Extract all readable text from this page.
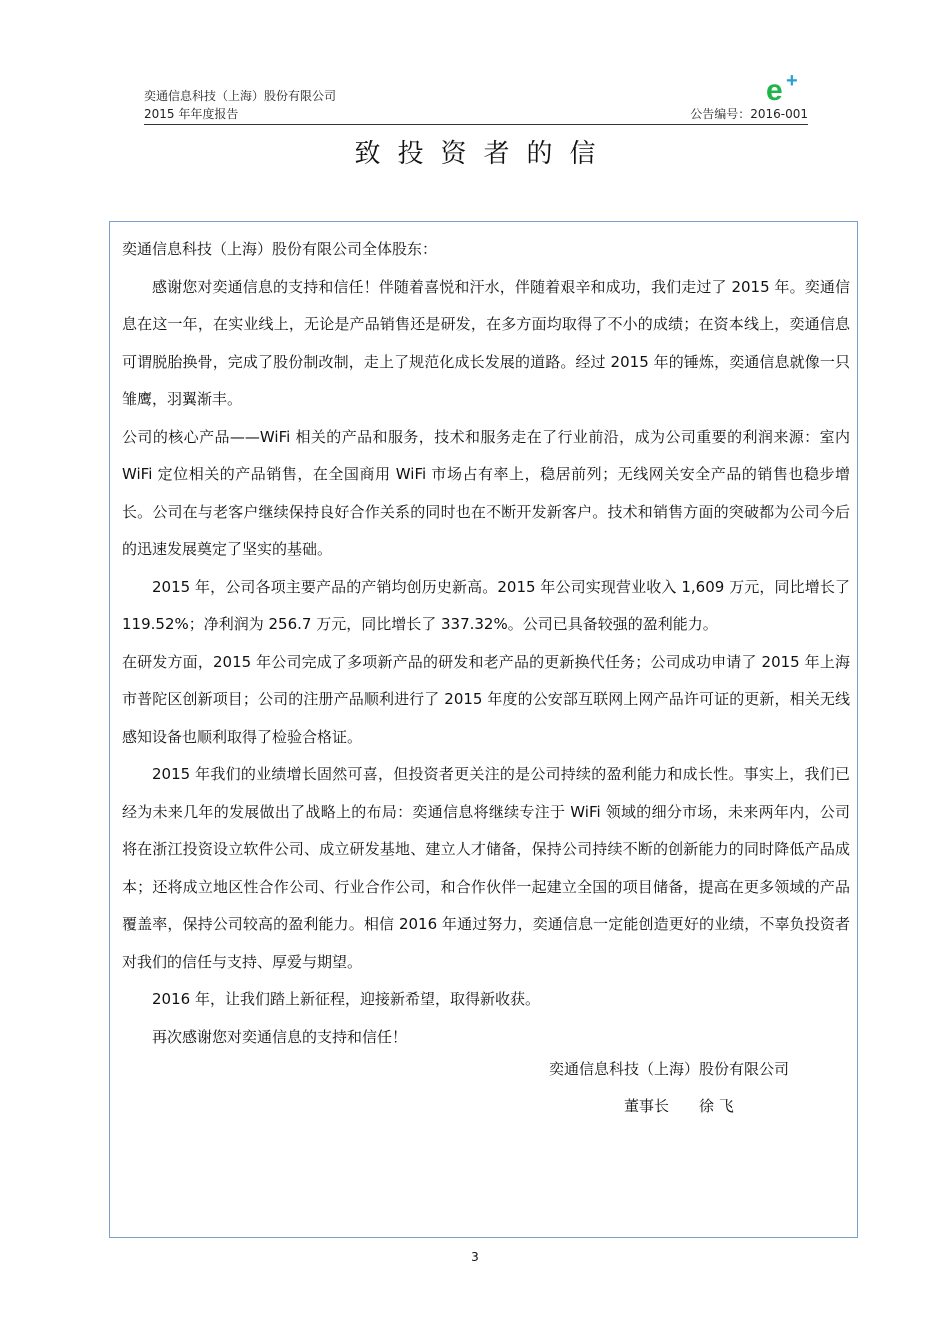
奕通信息科技（上海）股份有限公司
2015 年年度报告	公告编号：2016-001
e +
致投资者的信

奕通信息科技（上海）股份有限公司全体股东：

感谢您对奕通信息的支持和信任！伴随着喜悦和汗水，伴随着艰辛和成功，我们走过了 2015 年。奕通信息在这一年，在实业线上，无论是产品销售还是研发，在多方面均取得了不小的成绩；在资本线上，奕通信息可谓脱胎换骨，完成了股份制改制，走上了规范化成长发展的道路。经过 2015 年的锤炼，奕通信息就像一只雏鹰，羽翼渐丰。

公司的核心产品——WiFi 相关的产品和服务，技术和服务走在了行业前沿，成为公司重要的利润来源：室内 WiFi 定位相关的产品销售，在全国商用 WiFi 市场占有率上，稳居前列；无线网关安全产品的销售也稳步增长。公司在与老客户继续保持良好合作关系的同时也在不断开发新客户。技术和销售方面的突破都为公司今后的迅速发展奠定了坚实的基础。

2015 年，公司各项主要产品的产销均创历史新高。2015 年公司实现营业收入 1,609 万元，同比增长了 119.52%；净利润为 256.7 万元，同比增长了 337.32%。公司已具备较强的盈利能力。

在研发方面，2015 年公司完成了多项新产品的研发和老产品的更新换代任务；公司成功申请了 2015 年上海市普陀区创新项目；公司的注册产品顺利进行了 2015 年度的公安部互联网上网产品许可证的更新，相关无线感知设备也顺利取得了检验合格证。

2015 年我们的业绩增长固然可喜，但投资者更关注的是公司持续的盈利能力和成长性。事实上，我们已经为未来几年的发展做出了战略上的布局：奕通信息将继续专注于 WiFi 领域的细分市场，未来两年内，公司将在浙江投资设立软件公司、成立研发基地、建立人才储备，保持公司持续不断的创新能力的同时降低产品成本；还将成立地区性合作公司、行业合作公司，和合作伙伴一起建立全国的项目储备，提高在更多领域的产品覆盖率，保持公司较高的盈利能力。相信 2016 年通过努力，奕通信息一定能创造更好的业绩，不辜负投资者对我们的信任与支持、厚爱与期望。

2016 年，让我们踏上新征程，迎接新希望，取得新收获。

再次感谢您对奕通信息的支持和信任！

奕通信息科技（上海）股份有限公司
董事长 徐 飞
3
